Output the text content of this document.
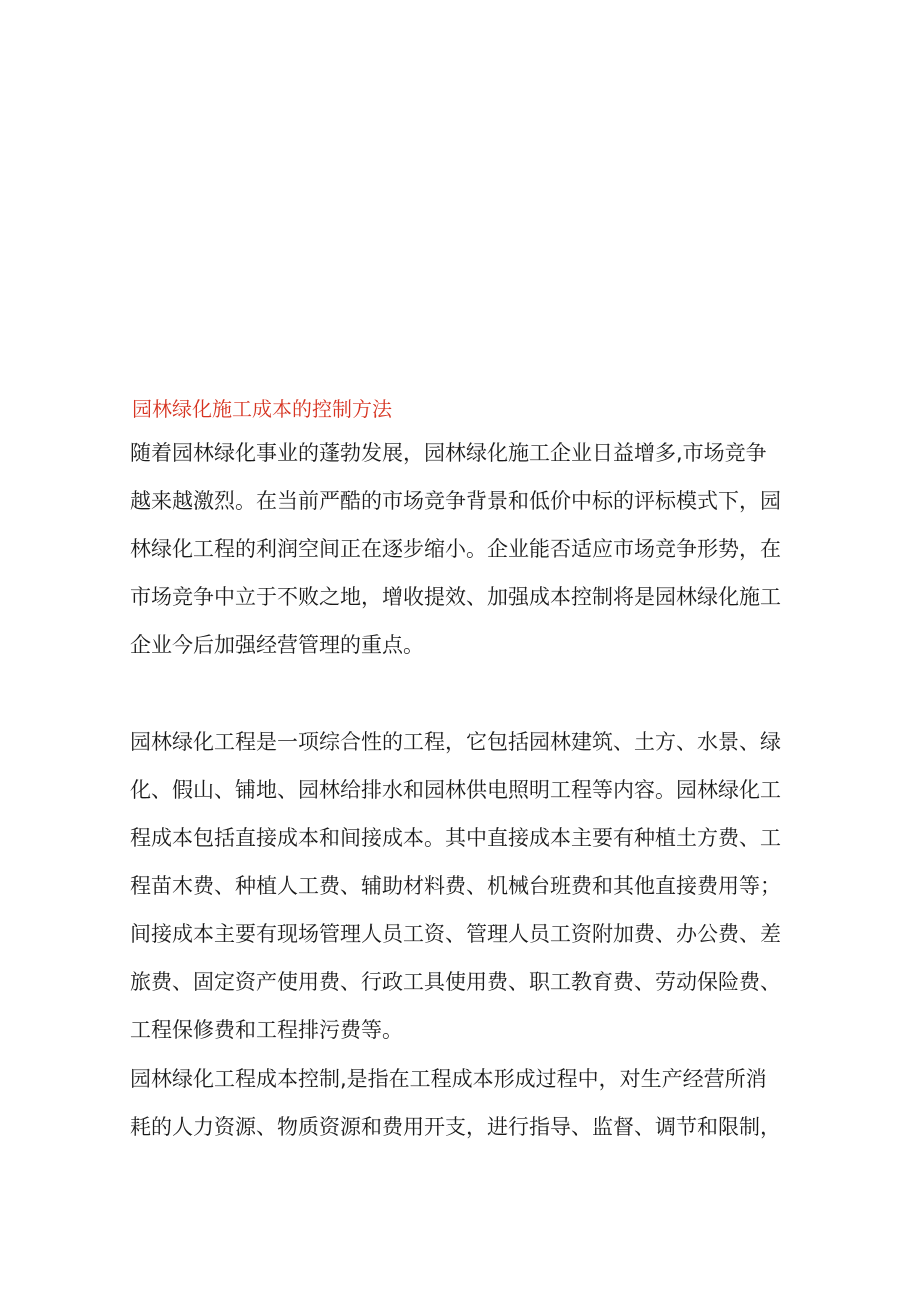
园林绿化施工成本的控制方法
随着园林绿化事业的蓬勃发展，园林绿化施工企业日益增多,市场竞争
越来越激烈。在当前严酷的市场竞争背景和低价中标的评标模式下，园
林绿化工程的利润空间正在逐步缩小。企业能否适应市场竞争形势，在
市场竞争中立于不败之地，增收提效、加强成本控制将是园林绿化施工
企业今后加强经营管理的重点。
园林绿化工程是一项综合性的工程，它包括园林建筑、土方、水景、绿
化、假山、铺地、园林给排水和园林供电照明工程等内容。园林绿化工
程成本包括直接成本和间接成本。其中直接成本主要有种植土方费、工
程苗木费、种植人工费、辅助材料费、机械台班费和其他直接费用等；
间接成本主要有现场管理人员工资、管理人员工资附加费、办公费、差
旅费、固定资产使用费、行政工具使用费、职工教育费、劳动保险费、
工程保修费和工程排污费等。
园林绿化工程成本控制,是指在工程成本形成过程中，对生产经营所消
耗的人力资源、物质资源和费用开支，进行指导、监督、调节和限制，
